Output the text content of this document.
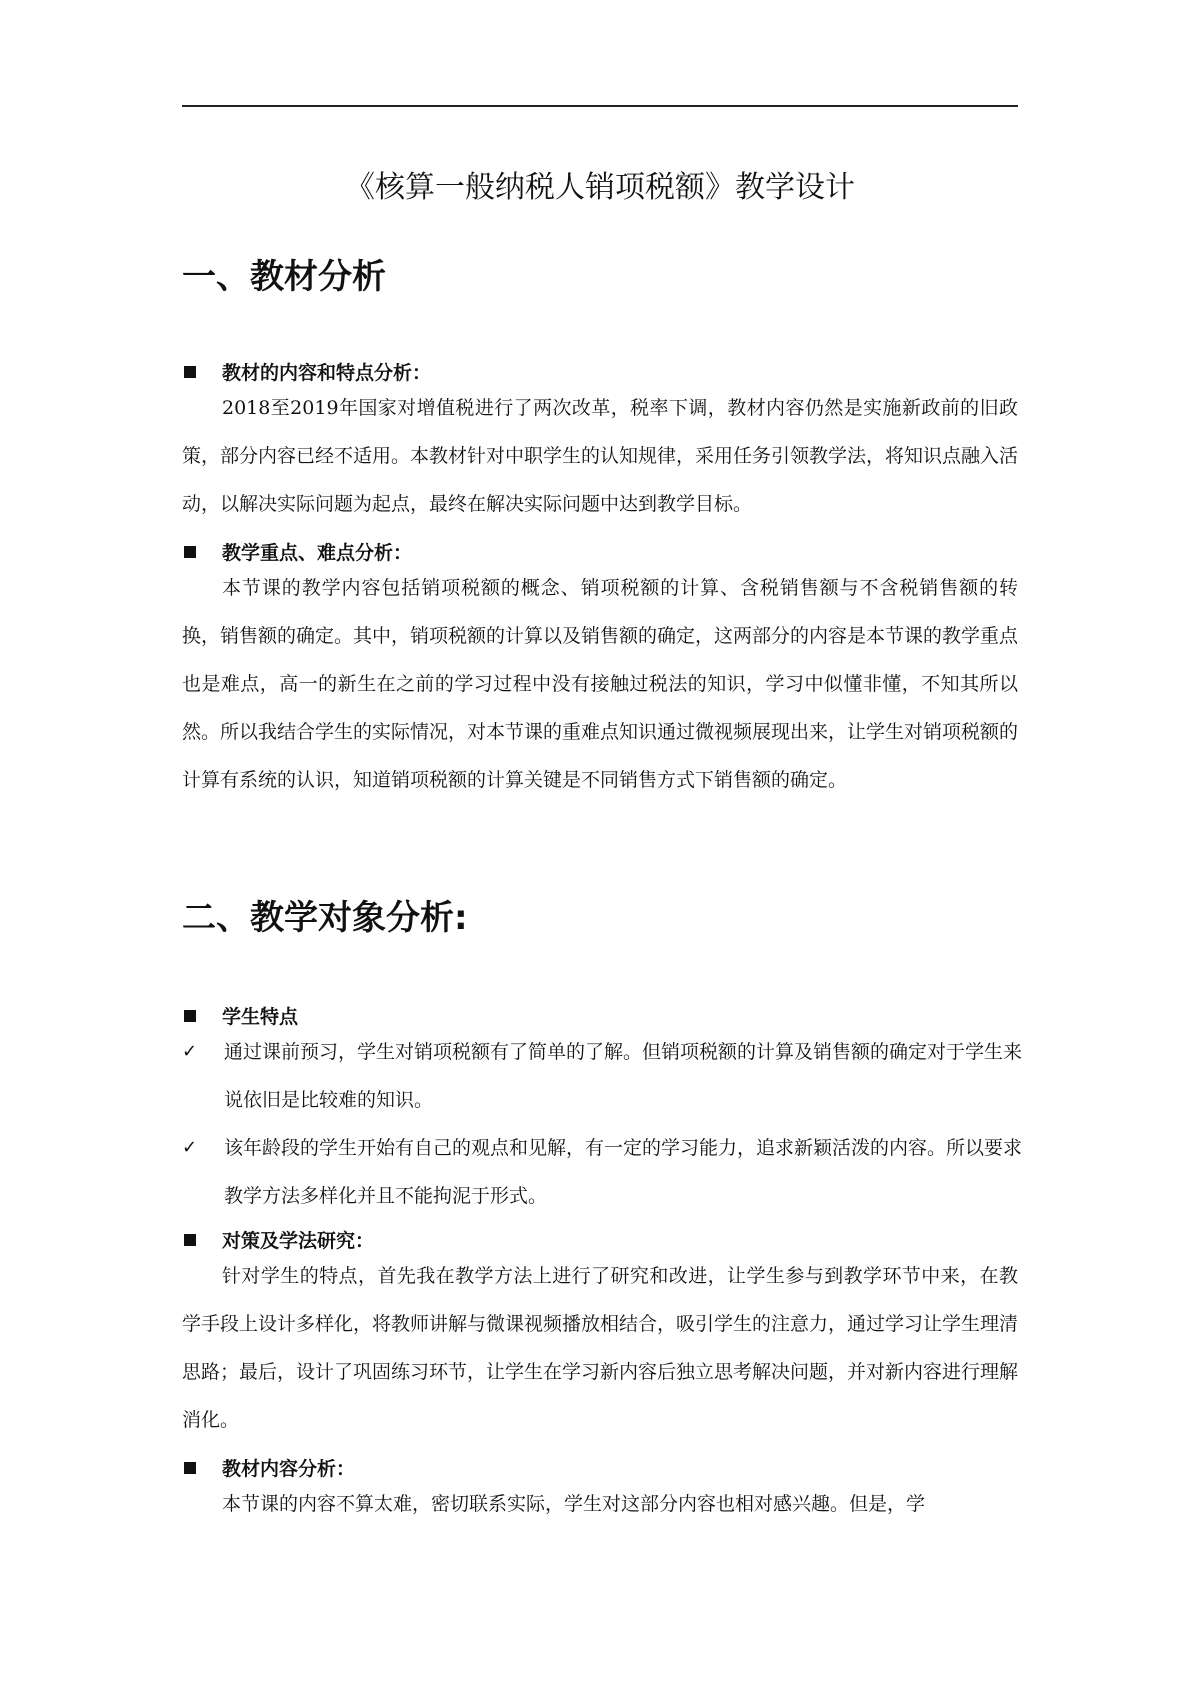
《核算一般纳税人销项税额》教学设计
一、教材分析
教材的内容和特点分析：

2018至2019年国家对增值税进行了两次改革，税率下调，教材内容仍然是实施新政前的旧政策，部分内容已经不适用。本教材针对中职学生的认知规律，采用任务引领教学法，将知识点融入活动，以解决实际问题为起点，最终在解决实际问题中达到教学目标。

教学重点、难点分析：

本节课的教学内容包括销项税额的概念、销项税额的计算、含税销售额与不含税销售额的转换，销售额的确定。其中，销项税额的计算以及销售额的确定，这两部分的内容是本节课的教学重点也是难点，高一的新生在之前的学习过程中没有接触过税法的知识，学习中似懂非懂，不知其所以然。所以我结合学生的实际情况，对本节课的重难点知识通过微视频展现出来，让学生对销项税额的计算有系统的认识，知道销项税额的计算关键是不同销售方式下销售额的确定。

二、教学对象分析:
学生特点
✓	通过课前预习，学生对销项税额有了简单的了解。但销项税额的计算及销售额的确定对于学生来说依旧是比较难的知识。
✓	该年龄段的学生开始有自己的观点和见解，有一定的学习能力，追求新颖活泼的内容。所以要求教学方法多样化并且不能拘泥于形式。
对策及学法研究：

针对学生的特点，首先我在教学方法上进行了研究和改进，让学生参与到教学环节中来，在教学手段上设计多样化，将教师讲解与微课视频播放相结合，吸引学生的注意力，通过学习让学生理清思路；最后，设计了巩固练习环节，让学生在学习新内容后独立思考解决问题，并对新内容进行理解消化。

教材内容分析：

本节课的内容不算太难，密切联系实际，学生对这部分内容也相对感兴趣。但是，学
